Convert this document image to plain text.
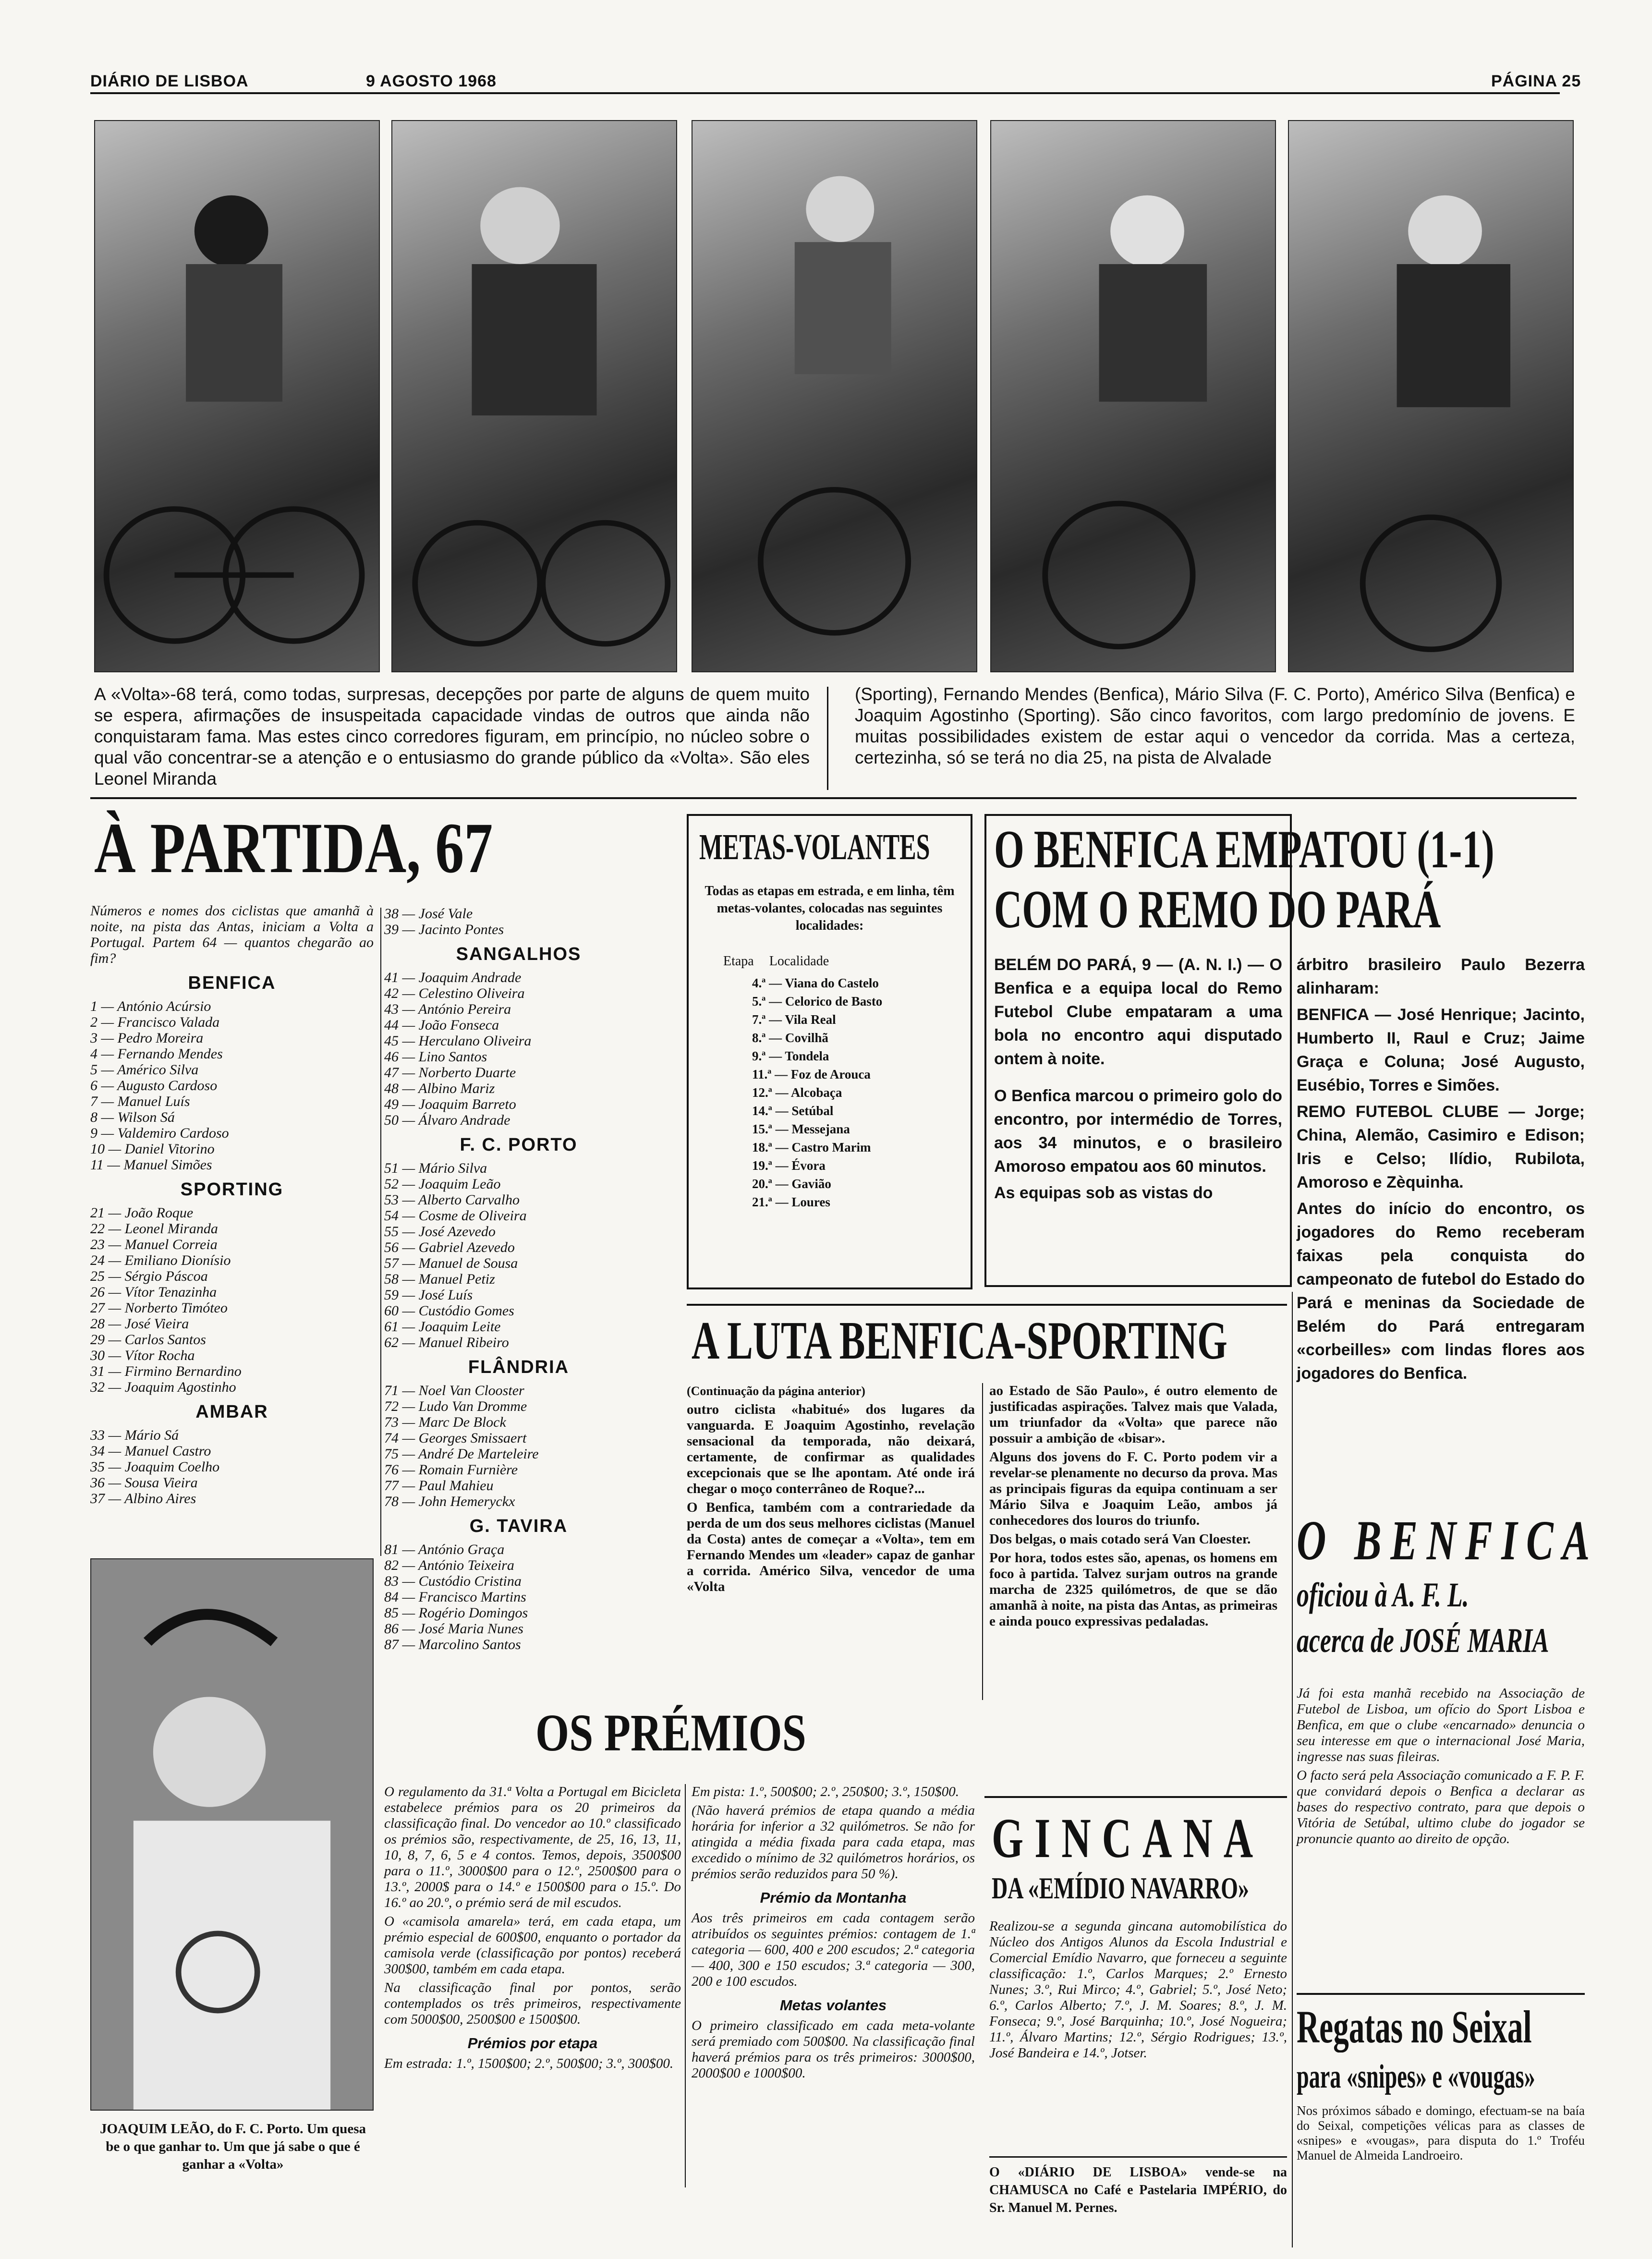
DIÁRIO DE LISBOA	9 AGOSTO 1968	PÁGINA 25
A «Volta»-68 terá, como todas, surpresas, decepções por parte de alguns de quem muito se espera, afirmações de insuspeitada capacidade vindas de outros que ainda não conquistaram fama. Mas estes cinco corredores figuram, em princípio, no núcleo sobre o qual vão concentrar-se a atenção e o entusiasmo do grande público da «Volta». São eles Leonel Miranda
(Sporting), Fernando Mendes (Benfica), Mário Silva (F. C. Porto), Américo Silva (Benfica) e Joaquim Agostinho (Sporting). São cinco favoritos, com largo predomínio de jovens. E muitas possibilidades existem de estar aqui o vencedor da corrida. Mas a certeza, certezinha, só se terá no dia 25, na pista de Alvalade
À PARTIDA, 67
Números e nomes dos ciclistas que amanhã à noite, na pista das Antas, iniciam a Volta a Portugal. Partem 64 — quantos chegarão ao fim?
BENFICA
1 — António Acúrsio
2 — Francisco Valada
3 — Pedro Moreira
4 — Fernando Mendes
5 — Américo Silva
6 — Augusto Cardoso
7 — Manuel Luís
8 — Wilson Sá
9 — Valdemiro Cardoso
10 — Daniel Vitorino
11 — Manuel Simões
SPORTING
21 — João Roque
22 — Leonel Miranda
23 — Manuel Correia
24 — Emiliano Dionísio
25 — Sérgio Páscoa
26 — Vítor Tenazinha
27 — Norberto Timóteo
28 — José Vieira
29 — Carlos Santos
30 — Vítor Rocha
31 — Firmino Bernardino
32 — Joaquim Agostinho
AMBAR
33 — Mário Sá
34 — Manuel Castro
35 — Joaquim Coelho
36 — Sousa Vieira
37 — Albino Aires
38 — José Vale
39 — Jacinto Pontes
SANGALHOS
41 — Joaquim Andrade
42 — Celestino Oliveira
43 — António Pereira
44 — João Fonseca
45 — Herculano Oliveira
46 — Lino Santos
47 — Norberto Duarte
48 — Albino Mariz
49 — Joaquim Barreto
50 — Álvaro Andrade
F. C. PORTO
51 — Mário Silva
52 — Joaquim Leão
53 — Alberto Carvalho
54 — Cosme de Oliveira
55 — José Azevedo
56 — Gabriel Azevedo
57 — Manuel de Sousa
58 — Manuel Petiz
59 — José Luís
60 — Custódio Gomes
61 — Joaquim Leite
62 — Manuel Ribeiro
FLÂNDRIA
71 — Noel Van Clooster
72 — Ludo Van Dromme
73 — Marc De Block
74 — Georges Smissaert
75 — André De Marteleire
76 — Romain Furnière
77 — Paul Mahieu
78 — John Hemeryckx
G. TAVIRA
81 — António Graça
82 — António Teixeira
83 — Custódio Cristina
84 — Francisco Martins
85 — Rogério Domingos
86 — José Maria Nunes
87 — Marcolino Santos
JOAQUIM LEÃO, do F. C. Porto. Um quesa be o que ganhar to. Um que já sabe o que é ganhar a «Volta»
OS PRÉMIOS

O regulamento da 31.ª Volta a Portugal em Bicicleta estabelece prémios para os 20 primeiros da classificação final. Do vencedor ao 10.º classificado os prémios são, respectivamente, de 25, 16, 13, 11, 10, 8, 7, 6, 5 e 4 contos. Temos, depois, 3500$00 para o 11.º, 3000$00 para o 12.º, 2500$00 para o 13.º, 2000$ para o 14.º e 1500$00 para o 15.º. Do 16.º ao 20.º, o prémio será de mil escudos.

O «camisola amarela» terá, em cada etapa, um prémio especial de 600$00, enquanto o portador da camisola verde (classificação por pontos) receberá 300$00, também em cada etapa.

Na classificação final por pontos, serão contemplados os três primeiros, respectivamente com 5000$00, 2500$00 e 1500$00.

Prémios por etapa

Em estrada: 1.º, 1500$00; 2.º, 500$00; 3.º, 300$00.

Em pista: 1.º, 500$00; 2.º, 250$00; 3.º, 150$00.

(Não haverá prémios de etapa quando a média horária for inferior a 32 quilómetros. Se não for atingida a média fixada para cada etapa, mas excedido o mínimo de 32 quilómetros horários, os prémios serão reduzidos para 50 %).

Prémio da Montanha

Aos três primeiros em cada contagem serão atribuídos os seguintes prémios: contagem de 1.ª categoria — 600, 400 e 200 escudos; 2.ª categoria — 400, 300 e 150 escudos; 3.ª categoria — 300, 200 e 100 escudos.

Metas volantes

O primeiro classificado em cada meta-volante será premiado com 500$00. Na classificação final haverá prémios para os três primeiros: 3000$00, 2000$00 e 1000$00.

METAS-VOLANTES
Todas as etapas em estrada, e em linha, têm metas-volantes, colocadas nas seguintes localidades:
Etapa Localidade
4.ª — Viana do Castelo
5.ª — Celorico de Basto
7.ª — Vila Real
8.ª — Covilhã
9.ª — Tondela
11.ª — Foz de Arouca
12.ª — Alcobaça
14.ª — Setúbal
15.ª — Messejana
18.ª — Castro Marim
19.ª — Évora
20.ª — Gavião
21.ª — Loures
O BENFICA EMPATOU (1-1)
COM O REMO DO PARÁ

BELÉM DO PARÁ, 9 — (A. N. I.) — O Benfica e a equipa local do Remo Futebol Clube empataram a uma bola no encontro aqui disputado ontem à noite.

O Benfica marcou o primeiro golo do encontro, por intermédio de Torres, aos 34 minutos, e o brasileiro Amoroso empatou aos 60 minutos.

As equipas sob as vistas do

árbitro brasileiro Paulo Bezerra alinharam:

BENFICA — José Henrique; Jacinto, Humberto II, Raul e Cruz; Jaime Graça e Coluna; José Augusto, Eusébio, Torres e Simões.

REMO FUTEBOL CLUBE — Jorge; China, Alemão, Casimiro e Edison; Iris e Celso; Ilídio, Rubilota, Amoroso e Zèquinha.

Antes do início do encontro, os jogadores do Remo receberam faixas pela conquista do campeonato de futebol do Estado do Pará e meninas da Sociedade de Belém do Pará entregaram «corbeilles» com lindas flores aos jogadores do Benfica.

A LUTA BENFICA-SPORTING

(Continuação da página anterior)

outro ciclista «habitué» dos lugares da vanguarda. E Joaquim Agostinho, revelação sensacional da temporada, não deixará, certamente, de confirmar as qualidades excepcionais que se lhe apontam. Até onde irá chegar o moço conterrâneo de Roque?...

O Benfica, também com a contrariedade da perda de um dos seus melhores ciclistas (Manuel da Costa) antes de começar a «Volta», tem em Fernando Mendes um «leader» capaz de ganhar a corrida. Américo Silva, vencedor de uma «Volta

ao Estado de São Paulo», é outro elemento de justificadas aspirações. Talvez mais que Valada, um triunfador da «Volta» que parece não possuir a ambição de «bisar».

Alguns dos jovens do F. C. Porto podem vir a revelar-se plenamente no decurso da prova. Mas as principais figuras da equipa continuam a ser Mário Silva e Joaquim Leão, ambos já conhecedores dos louros do triunfo.

Dos belgas, o mais cotado será Van Cloester.

Por hora, todos estes são, apenas, os homens em foco à partida. Talvez surjam outros na grande marcha de 2325 quilómetros, de que se dão amanhã à noite, na pista das Antas, as primeiras e ainda pouco expressivas pedaladas.

GINCANA
DA «EMÍDIO NAVARRO»
Realizou-se a segunda gincana automobilística do Núcleo dos Antigos Alunos da Escola Industrial e Comercial Emídio Navarro, que forneceu a seguinte classificação: 1.º, Carlos Marques; 2.º Ernesto Nunes; 3.º, Rui Mirco; 4.º, Gabriel; 5.º, José Neto; 6.º, Carlos Alberto; 7.º, J. M. Soares; 8.º, J. M. Fonseca; 9.º, José Barquinha; 10.º, José Nogueira; 11.º, Álvaro Martins; 12.º, Sérgio Rodrigues; 13.º, José Bandeira e 14.º, Jotser.
O «DIÁRIO DE LISBOA» vende-se na CHAMUSCA no Café e Pastelaria IMPÉRIO, do Sr. Manuel M. Pernes.
O BENFICA
oficiou à A. F. L.
acerca de JOSÉ MARIA

Já foi esta manhã recebido na Associação de Futebol de Lisboa, um ofício do Sport Lisboa e Benfica, em que o clube «encarnado» denuncia o seu interesse em que o internacional José Maria, ingresse nas suas fileiras.

O facto será pela Associação comunicado a F. P. F. que convidará depois o Benfica a declarar as bases do respectivo contrato, para que depois o Vitória de Setúbal, ultimo clube do jogador se pronuncie quanto ao direito de opção.

Regatas no Seixal
para «snipes» e «vougas»
Nos próximos sábado e domingo, efectuam-se na baía do Seixal, competições vélicas para as classes de «snipes» e «vougas», para disputa do 1.º Troféu Manuel de Almeida Landroeiro.
